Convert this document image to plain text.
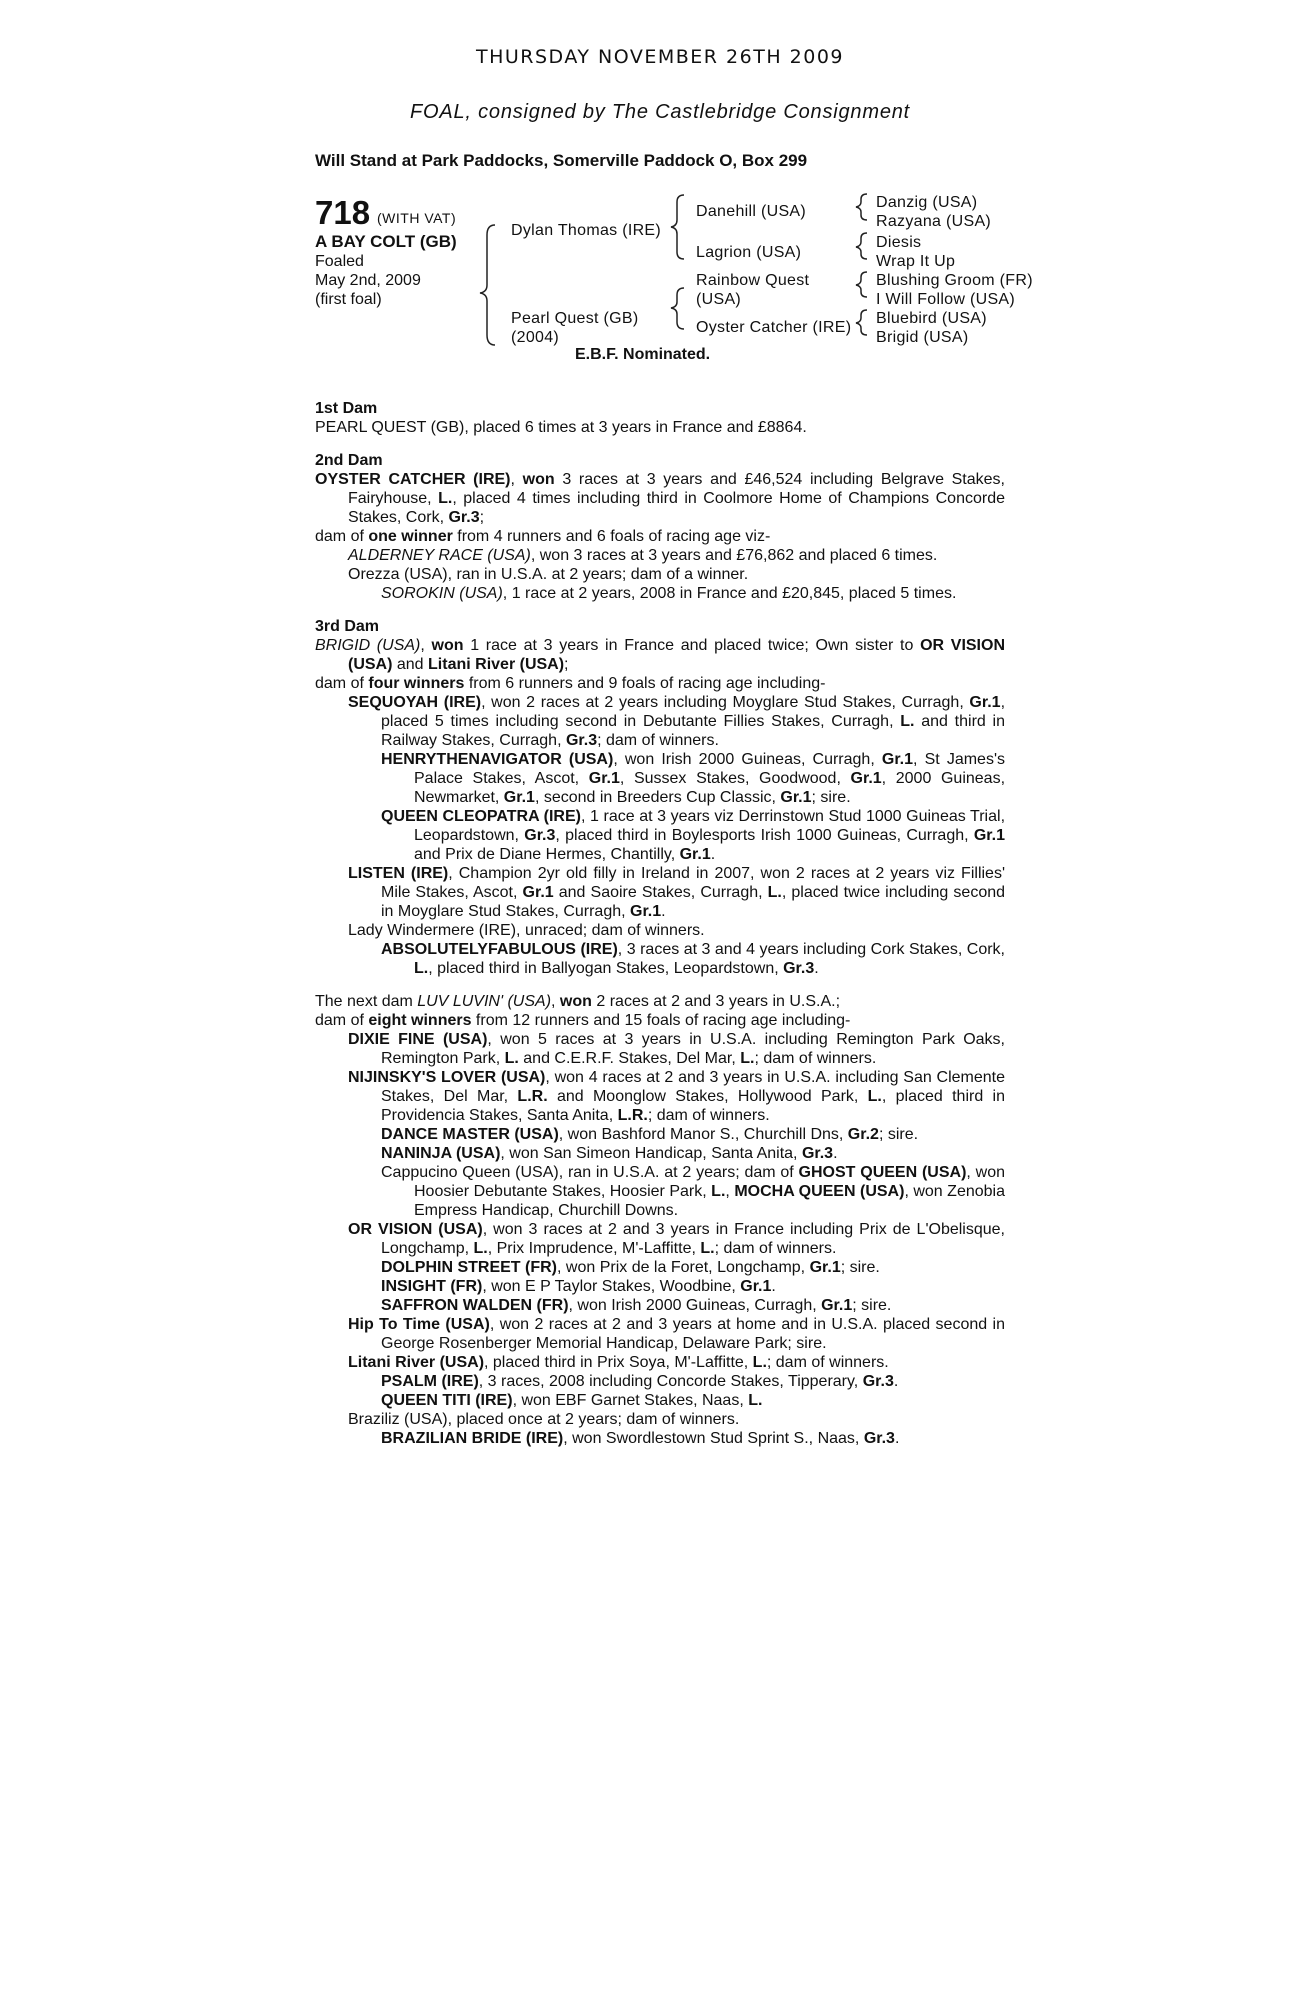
THURSDAY NOVEMBER 26TH 2009
FOAL, consigned by The Castlebridge Consignment
Will Stand at Park Paddocks, Somerville Paddock O, Box 299
718 (WITH VAT)
A BAY COLT (GB)
Foaled
May 2nd, 2009
(first foal)
Dylan Thomas (IRE)
Pearl Quest (GB)
(2004)
Danehill (USA)
Lagrion (USA)
Rainbow Quest
(USA)
Oyster Catcher (IRE)
Danzig (USA)
Razyana (USA)
Diesis
Wrap It Up
Blushing Groom (FR)
I Will Follow (USA)
Bluebird (USA)
Brigid (USA)
E.B.F. Nominated.
1st Dam

PEARL QUEST (GB), placed 6 times at 3 years in France and £8864.

2nd Dam

OYSTER CATCHER (IRE), won 3 races at 3 years and £46,524 including Belgrave Stakes, Fairyhouse, L., placed 4 times including third in Coolmore Home of Champions Concorde Stakes, Cork, Gr.3;

dam of one winner from 4 runners and 6 foals of racing age viz-

ALDERNEY RACE (USA), won 3 races at 3 years and £76,862 and placed 6 times.

Orezza (USA), ran in U.S.A. at 2 years; dam of a winner.

SOROKIN (USA), 1 race at 2 years, 2008 in France and £20,845, placed 5 times.

3rd Dam

BRIGID (USA), won 1 race at 3 years in France and placed twice; Own sister to OR VISION (USA) and Litani River (USA);

dam of four winners from 6 runners and 9 foals of racing age including-

SEQUOYAH (IRE), won 2 races at 2 years including Moyglare Stud Stakes, Curragh, Gr.1, placed 5 times including second in Debutante Fillies Stakes, Curragh, L. and third in Railway Stakes, Curragh, Gr.3; dam of winners.

HENRYTHENAVIGATOR (USA), won Irish 2000 Guineas, Curragh, Gr.1, St James's Palace Stakes, Ascot, Gr.1, Sussex Stakes, Goodwood, Gr.1, 2000 Guineas, Newmarket, Gr.1, second in Breeders Cup Classic, Gr.1; sire.

QUEEN CLEOPATRA (IRE), 1 race at 3 years viz Derrinstown Stud 1000 Guineas Trial, Leopardstown, Gr.3, placed third in Boylesports Irish 1000 Guineas, Curragh, Gr.1 and Prix de Diane Hermes, Chantilly, Gr.1.

LISTEN (IRE), Champion 2yr old filly in Ireland in 2007, won 2 races at 2 years viz Fillies' Mile Stakes, Ascot, Gr.1 and Saoire Stakes, Curragh, L., placed twice including second in Moyglare Stud Stakes, Curragh, Gr.1.

Lady Windermere (IRE), unraced; dam of winners.

ABSOLUTELYFABULOUS (IRE), 3 races at 3 and 4 years including Cork Stakes, Cork, L., placed third in Ballyogan Stakes, Leopardstown, Gr.3.

The next dam LUV LUVIN' (USA), won 2 races at 2 and 3 years in U.S.A.;

dam of eight winners from 12 runners and 15 foals of racing age including-

DIXIE FINE (USA), won 5 races at 3 years in U.S.A. including Remington Park Oaks, Remington Park, L. and C.E.R.F. Stakes, Del Mar, L.; dam of winners.

NIJINSKY'S LOVER (USA), won 4 races at 2 and 3 years in U.S.A. including San Clemente Stakes, Del Mar, L.R. and Moonglow Stakes, Hollywood Park, L., placed third in Providencia Stakes, Santa Anita, L.R.; dam of winners.

DANCE MASTER (USA), won Bashford Manor S., Churchill Dns, Gr.2; sire.

NANINJA (USA), won San Simeon Handicap, Santa Anita, Gr.3.

Cappucino Queen (USA), ran in U.S.A. at 2 years; dam of GHOST QUEEN (USA), won Hoosier Debutante Stakes, Hoosier Park, L., MOCHA QUEEN (USA), won Zenobia Empress Handicap, Churchill Downs.

OR VISION (USA), won 3 races at 2 and 3 years in France including Prix de L'Obelisque, Longchamp, L., Prix Imprudence, M'-Laffitte, L.; dam of winners.

DOLPHIN STREET (FR), won Prix de la Foret, Longchamp, Gr.1; sire.

INSIGHT (FR), won E P Taylor Stakes, Woodbine, Gr.1.

SAFFRON WALDEN (FR), won Irish 2000 Guineas, Curragh, Gr.1; sire.

Hip To Time (USA), won 2 races at 2 and 3 years at home and in U.S.A. placed second in George Rosenberger Memorial Handicap, Delaware Park; sire.

Litani River (USA), placed third in Prix Soya, M'-Laffitte, L.; dam of winners.

PSALM (IRE), 3 races, 2008 including Concorde Stakes, Tipperary, Gr.3.

QUEEN TITI (IRE), won EBF Garnet Stakes, Naas, L.

Braziliz (USA), placed once at 2 years; dam of winners.

BRAZILIAN BRIDE (IRE), won Swordlestown Stud Sprint S., Naas, Gr.3.
